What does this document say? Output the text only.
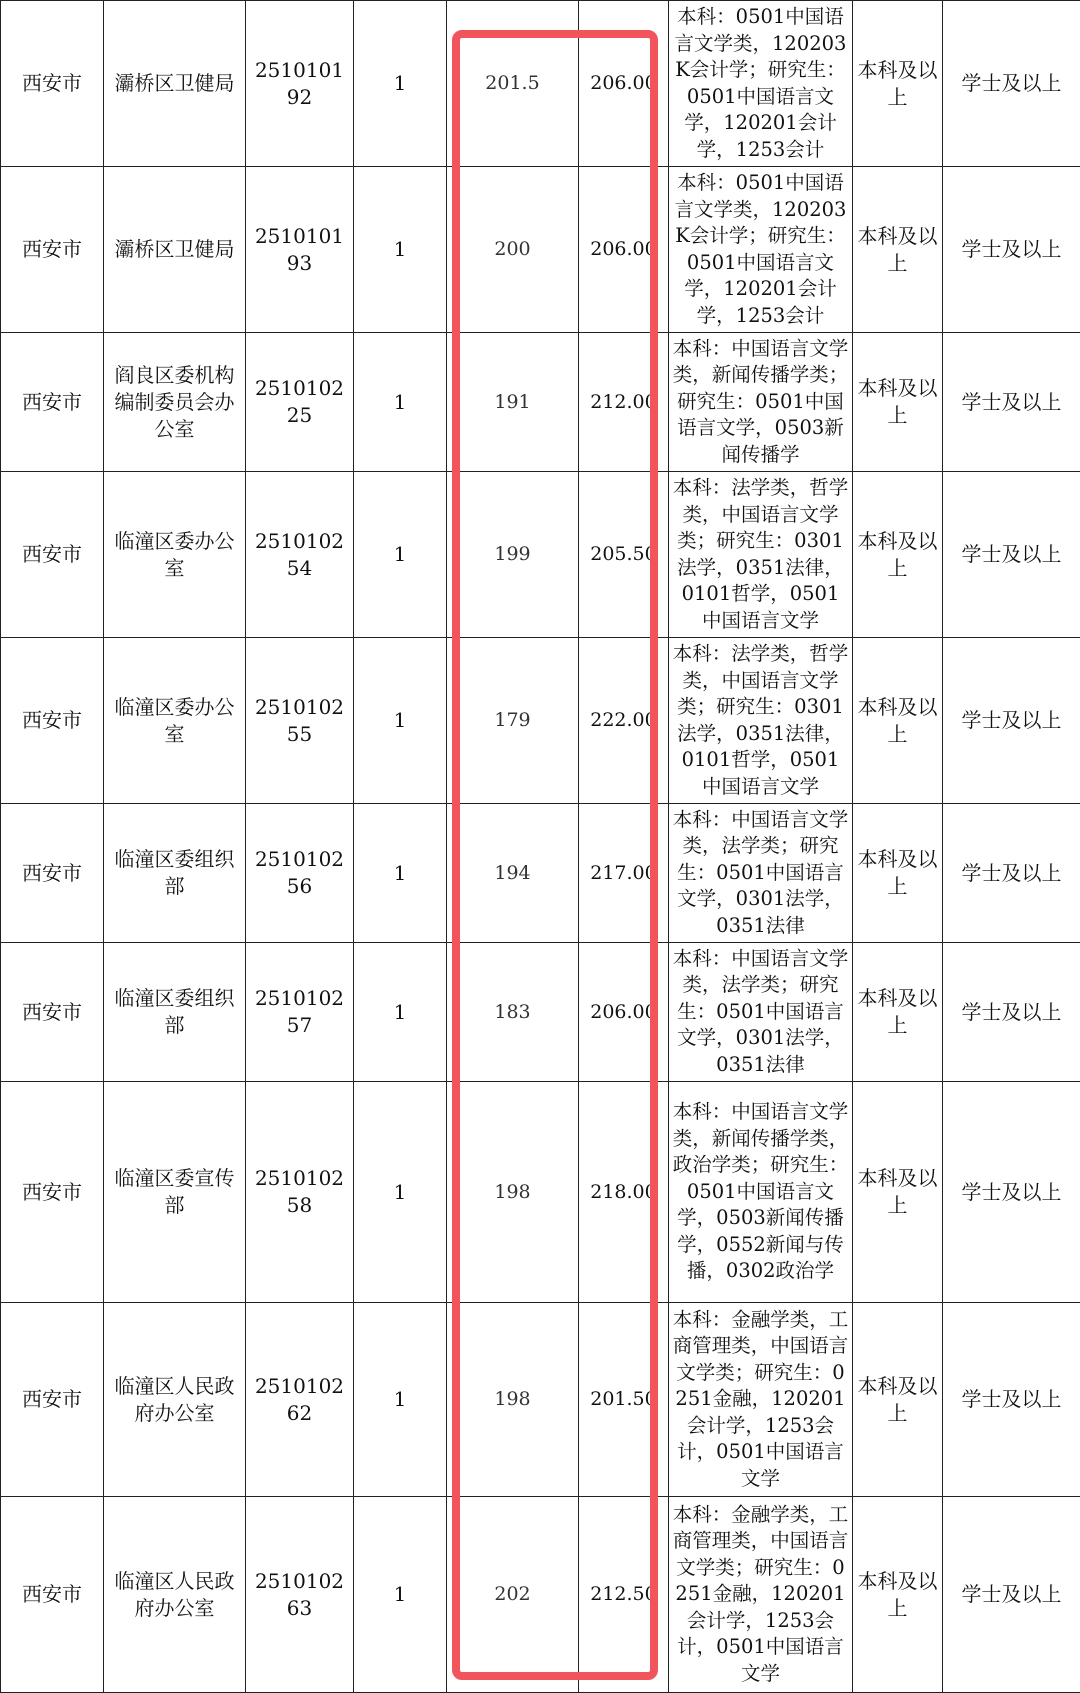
西安市	灞桥区卫健局	251010192	1	201.5	206.00	本科：0501中国语言文学类，120203K会计学；研究生：0501中国语言文学，120201会计学，1253会计	本科及以上	学士及以上
西安市	灞桥区卫健局	251010193	1	200	206.00	本科：0501中国语言文学类，120203K会计学；研究生：0501中国语言文学，120201会计学，1253会计	本科及以上	学士及以上
西安市	阎良区委机构编制委员会办公室	251010225	1	191	212.00	本科：中国语言文学类，新闻传播学类；研究生：0501中国语言文学，0503新闻传播学	本科及以上	学士及以上
西安市	临潼区委办公室	251010254	1	199	205.50	本科：法学类，哲学类，中国语言文学类；研究生：0301法学，0351法律，0101哲学，0501中国语言文学	本科及以上	学士及以上
西安市	临潼区委办公室	251010255	1	179	222.00	本科：法学类，哲学类，中国语言文学类；研究生：0301法学，0351法律，0101哲学，0501中国语言文学	本科及以上	学士及以上
西安市	临潼区委组织部	251010256	1	194	217.00	本科：中国语言文学类，法学类；研究生：0501中国语言文学，0301法学，0351法律	本科及以上	学士及以上
西安市	临潼区委组织部	251010257	1	183	206.00	本科：中国语言文学类，法学类；研究生：0501中国语言文学，0301法学，0351法律	本科及以上	学士及以上
西安市	临潼区委宣传部	251010258	1	198	218.00	本科：中国语言文学类，新闻传播学类，政治学类；研究生：0501中国语言文学，0503新闻传播学，0552新闻与传播，0302政治学	本科及以上	学士及以上
西安市	临潼区人民政府办公室	251010262	1	198	201.50	本科：金融学类，工商管理类，中国语言文学类；研究生：0251金融，120201会计学，1253会计，0501中国语言文学	本科及以上	学士及以上
西安市	临潼区人民政府办公室	251010263	1	202	212.50	本科：金融学类，工商管理类，中国语言文学类；研究生：0251金融，120201会计学，1253会计，0501中国语言文学	本科及以上	学士及以上
